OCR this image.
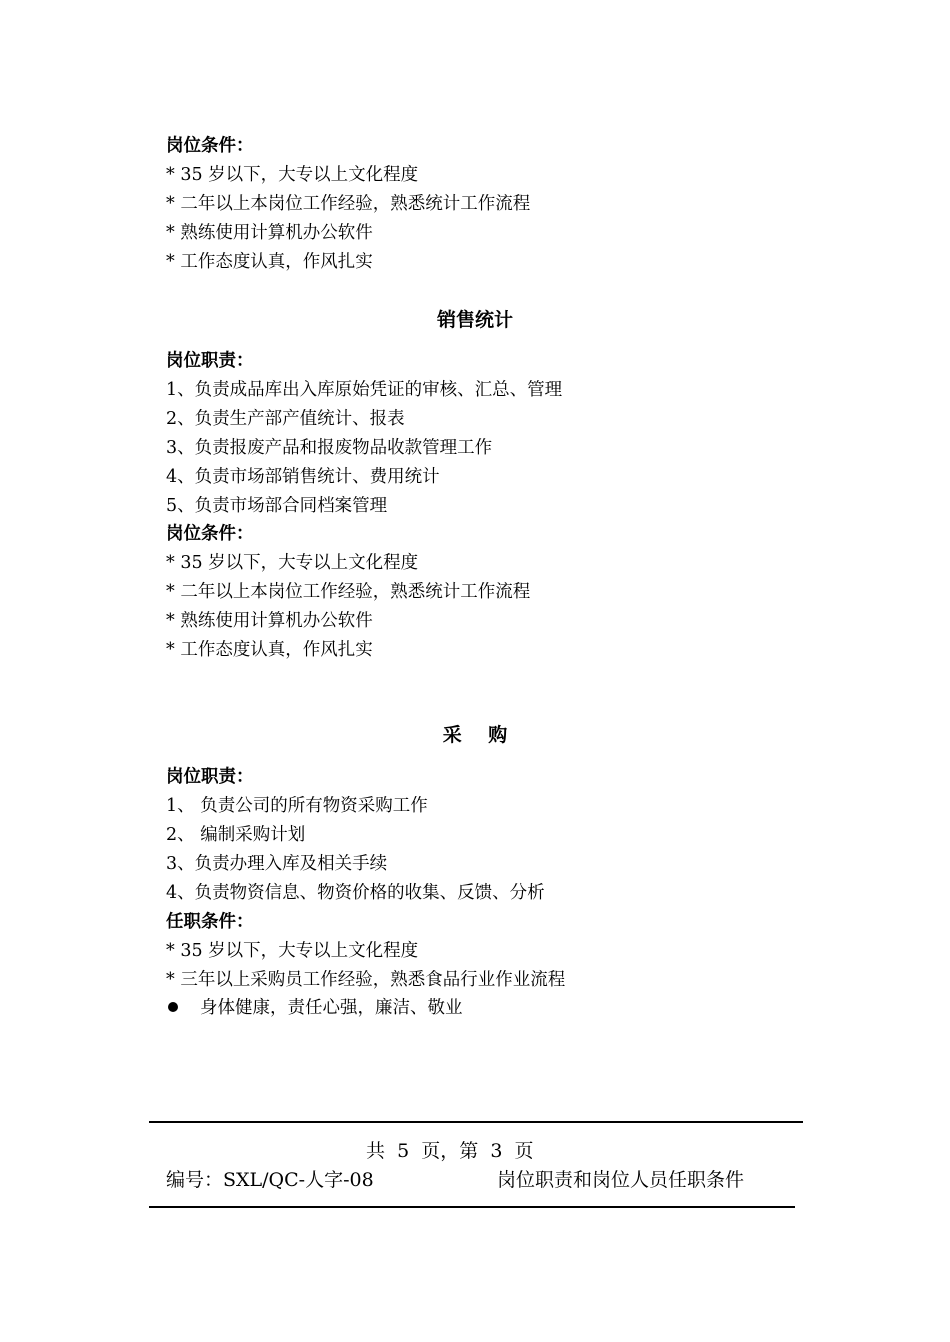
岗位条件：
* 35 岁以下，大专以上文化程度
* 二年以上本岗位工作经验，熟悉统计工作流程
* 熟练使用计算机办公软件
* 工作态度认真，作风扎实
销售统计
岗位职责：
1、负责成品库出入库原始凭证的审核、汇总、管理
2、负责生产部产值统计、报表
3、负责报废产品和报废物品收款管理工作
4、负责市场部销售统计、费用统计
5、负责市场部合同档案管理
岗位条件：
* 35 岁以下，大专以上文化程度
* 二年以上本岗位工作经验，熟悉统计工作流程
* 熟练使用计算机办公软件
* 工作态度认真，作风扎实
采    购
岗位职责：
1、 负责公司的所有物资采购工作
2、 编制采购计划
3、负责办理入库及相关手续
4、负责物资信息、物资价格的收集、反馈、分析
任职条件：
* 35 岁以下，大专以上文化程度
* 三年以上采购员工作经验，熟悉食品行业作业流程
身体健康，责任心强，廉洁、敬业
共  5  页，第  3  页
编号：SXL/QC-人字-08	岗位职责和岗位人员任职条件
